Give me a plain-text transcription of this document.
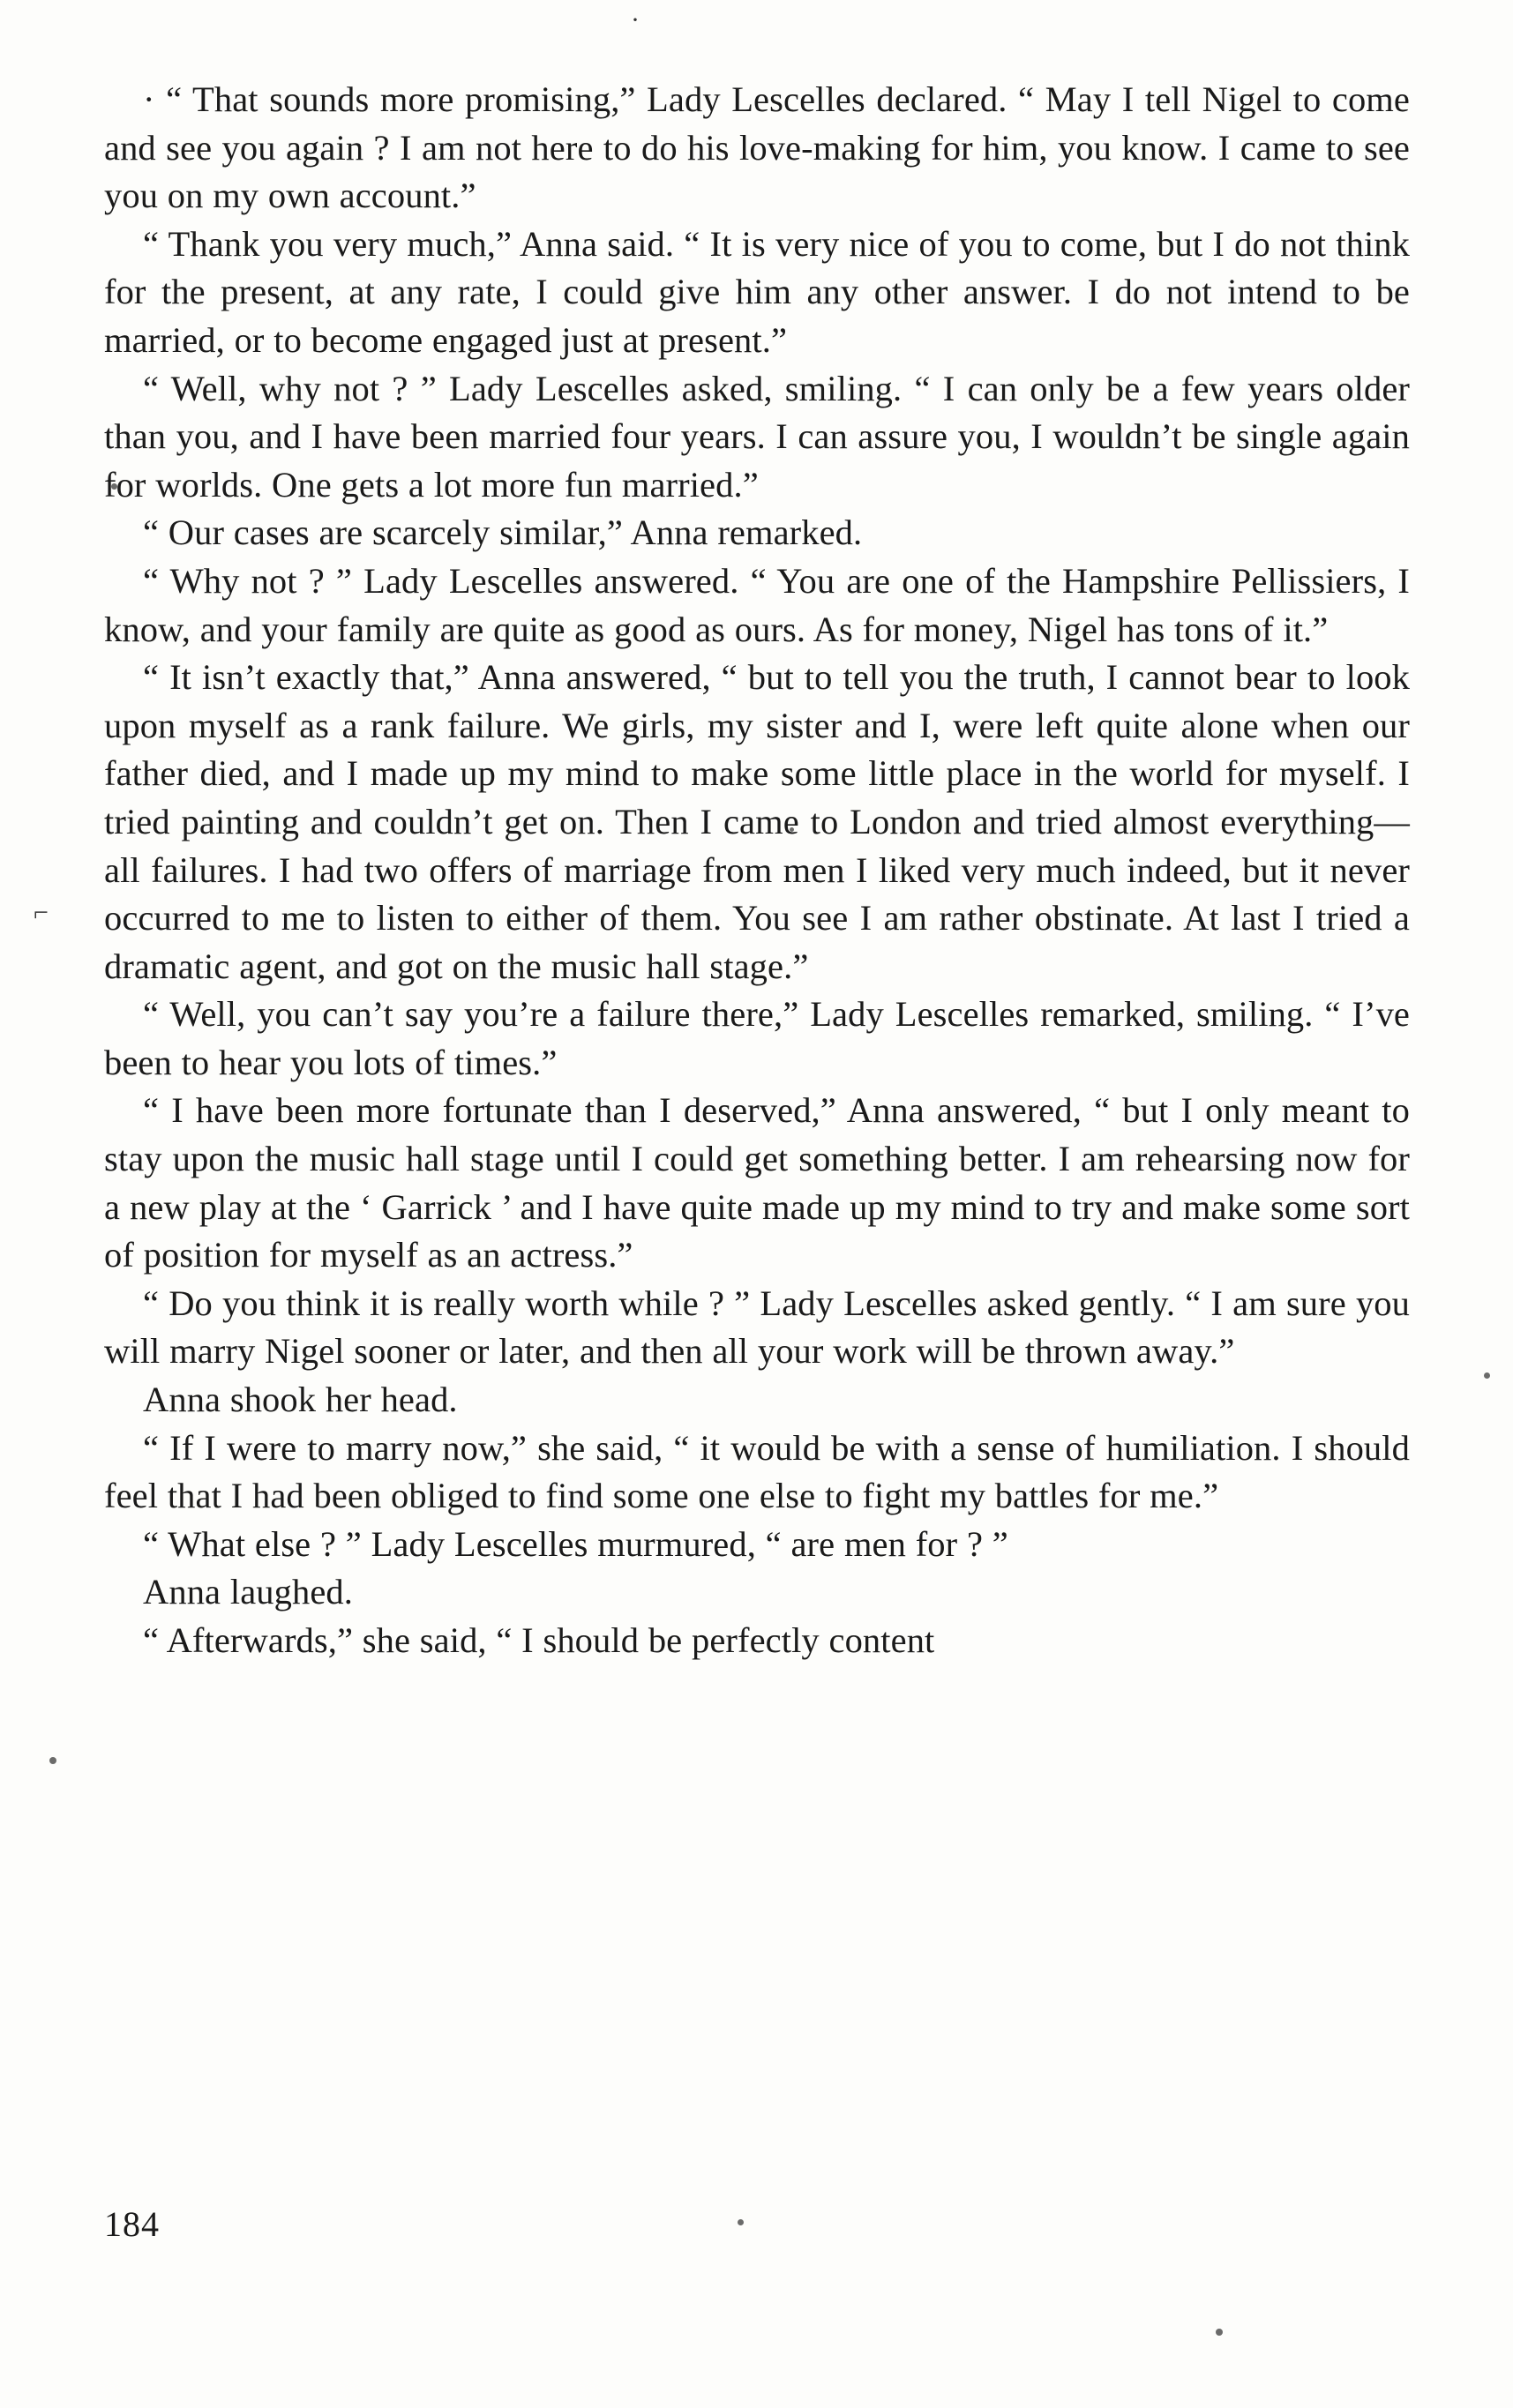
·
⌐

· “ That sounds more promising,” Lady Lescelles declared. “ May I tell Nigel to come and see you again ? I am not here to do his love-making for him, you know. I came to see you on my own account.”

“ Thank you very much,” Anna said. “ It is very nice of you to come, but I do not think for the present, at any rate, I could give him any other answer. I do not intend to be married, or to become engaged just at present.”

“ Well, why not ? ” Lady Lescelles asked, smiling. “ I can only be a few years older than you, and I have been married four years. I can assure you, I wouldn’t be single again for worlds. One gets a lot more fun married.”

“ Our cases are scarcely similar,” Anna remarked.

“ Why not ? ” Lady Lescelles answered. “ You are one of the Hampshire Pellissiers, I know, and your family are quite as good as ours. As for money, Nigel has tons of it.”

“ It isn’t exactly that,” Anna answered, “ but to tell you the truth, I cannot bear to look upon myself as a rank failure. We girls, my sister and I, were left quite alone when our father died, and I made up my mind to make some little place in the world for myself. I tried painting and couldn’t get on. Then I came to London and tried almost everything—all failures. I had two offers of marriage from men I liked very much indeed, but it never occurred to me to listen to either of them. You see I am rather obstinate. At last I tried a dramatic agent, and got on the music hall stage.”

“ Well, you can’t say you’re a failure there,” Lady Lescelles remarked, smiling. “ I’ve been to hear you lots of times.”

“ I have been more fortunate than I deserved,” Anna answered, “ but I only meant to stay upon the music hall stage until I could get something better. I am rehearsing now for a new play at the ‘ Garrick ’ and I have quite made up my mind to try and make some sort of position for myself as an actress.”

“ Do you think it is really worth while ? ” Lady Lescelles asked gently. “ I am sure you will marry Nigel sooner or later, and then all your work will be thrown away.”

Anna shook her head.

“ If I were to marry now,” she said, “ it would be with a sense of humiliation. I should feel that I had been obliged to find some one else to fight my battles for me.”

“ What else ? ” Lady Lescelles murmured, “ are men for ? ”

Anna laughed.

“ Afterwards,” she said, “ I should be perfectly content

184
